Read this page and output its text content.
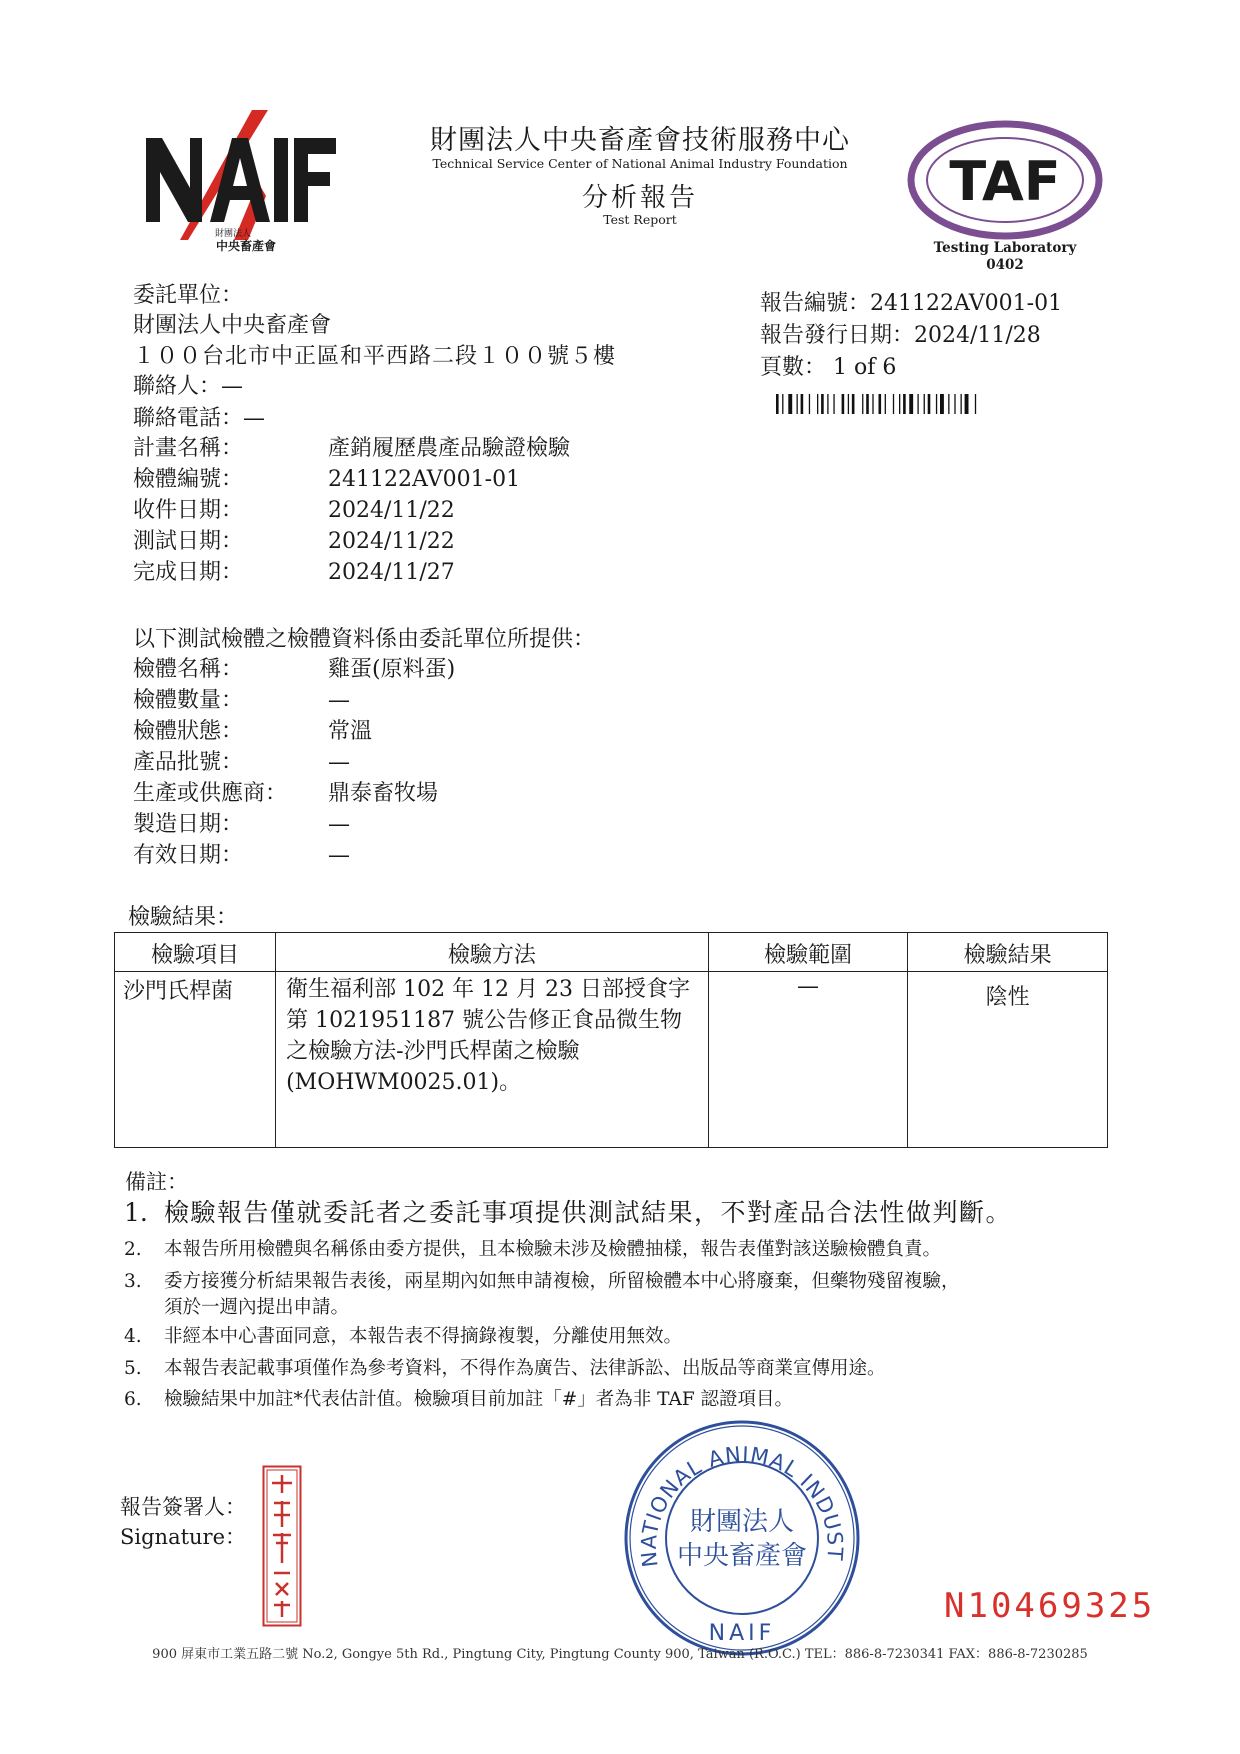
財團法人
中央畜產會
財團法人中央畜產會技術服務中心
Technical Service Center of National Animal Industry Foundation
分析報告
Test Report
TAF
Testing Laboratory
0402
委託單位：
財團法人中央畜產會
１００台北市中正區和平西路二段１００號５樓
聯絡人：—
聯絡電話：—
報告編號：241122AV001-01
報告發行日期：2024/11/28
頁數： 1 of 6
計畫名稱：	產銷履歷農產品驗證檢驗
檢體編號：	241122AV001-01
收件日期：	2024/11/22
測試日期：	2024/11/22
完成日期：	2024/11/27
以下測試檢體之檢體資料係由委託單位所提供：
檢體名稱：	雞蛋(原料蛋)
檢體數量：	—
檢體狀態：	常溫
產品批號：	—
生產或供應商： 鼎泰畜牧場
製造日期：	—
有效日期：	—
檢驗結果：
檢驗項目	檢驗方法	檢驗範圍	檢驗結果
沙門氏桿菌	衛生福利部 102 年 12 月 23 日部授食字
第 1021951187 號公告修正食品微生物
之檢驗方法-沙門氏桿菌之檢驗
(MOHWM0025.01)。	—	陰性
備註：
1. 檢驗報告僅就委託者之委託事項提供測試結果，不對產品合法性做判斷。
2. 本報告所用檢體與名稱係由委方提供，且本檢驗未涉及檢體抽樣，報告表僅對該送驗檢體負責。
3. 委方接獲分析結果報告表後，兩星期內如無申請複檢，所留檢體本中心將廢棄，但藥物殘留複驗，
須於一週內提出申請。
4. 非經本中心書面同意，本報告表不得摘錄複製，分離使用無效。
5. 本報告表記載事項僅作為參考資料，不得作為廣告、法律訴訟、出版品等商業宣傳用途。
6. 檢驗結果中加註*代表估計值。檢驗項目前加註「#」者為非 TAF 認證項目。
報告簽署人：
Signature：
NATIONAL ANIMAL INDUST
財團法人
中央畜產會
NAIF
N10469325
900 屏東市工業五路二號 No.2, Gongye 5th Rd., Pingtung City, Pingtung County 900, Taiwan (R.O.C.) TEL：886-8-7230341 FAX：886-8-7230285
